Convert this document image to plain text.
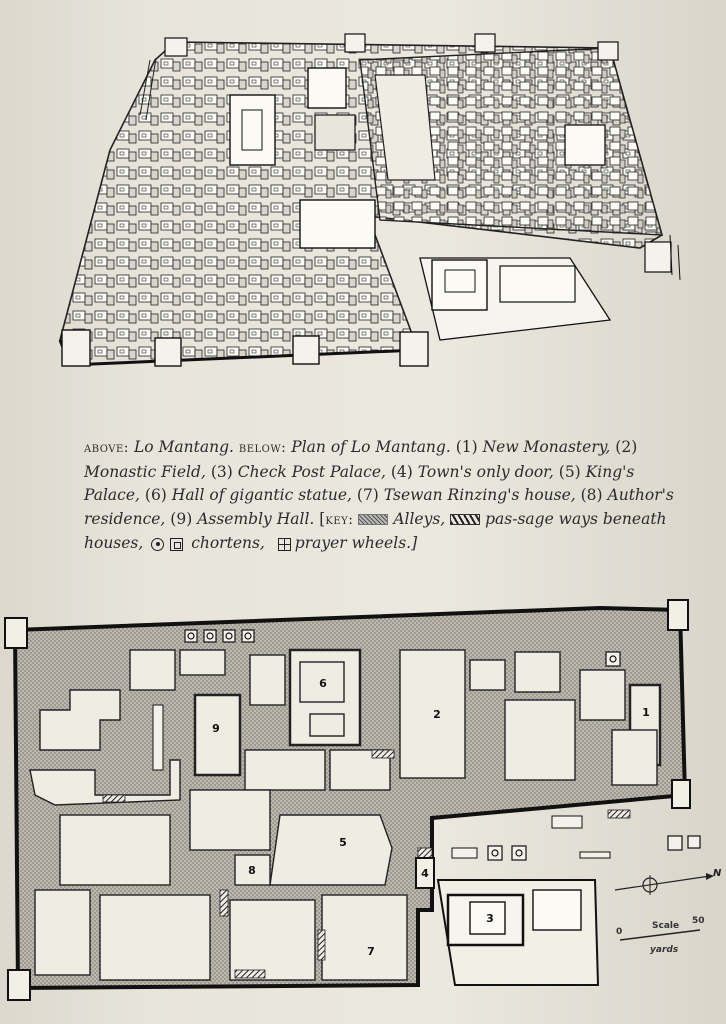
above: Lo Mantang. below: Plan of Lo Mantang. (1) New Monastery, (2) Monastic Field, (3) Check Post Palace, (4) Town's only door, (5) King's Palace, (6) Hall of gigantic statue, (7) Tsewan Rinzing's house, (8) Author's residence, (9) Assembly Hall. [key:	Alleys,	pas-sage ways beneath houses,	chortens, prayer wheels.]
1
2
3
4
5
6
7
8
9
N
Scale
0
50
yards
